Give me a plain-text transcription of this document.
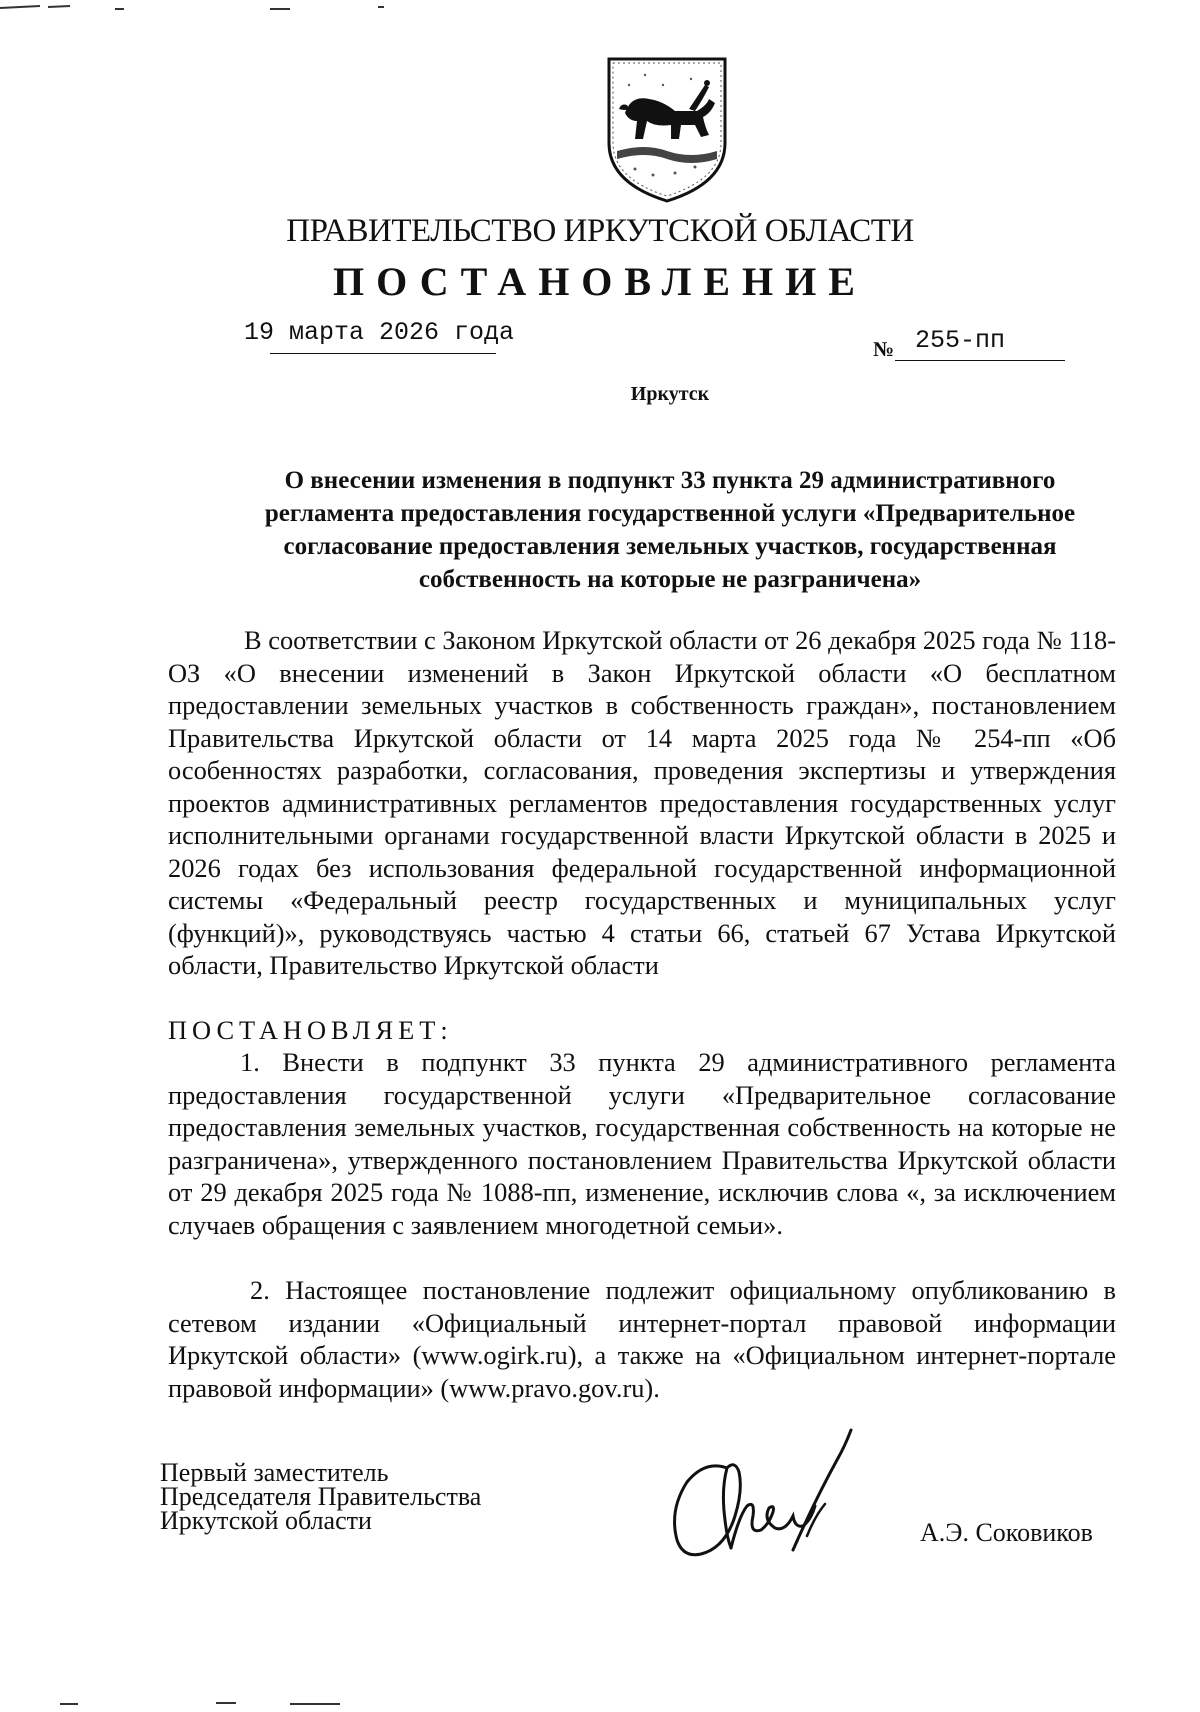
ПРАВИТЕЛЬСТВО ИРКУТСКОЙ ОБЛАСТИ
ПОСТАНОВЛЕНИЕ
19 марта 2026 года
№ 255-пп
Иркутск
О внесении изменения в подпункт 33 пункта 29 административного
регламента предоставления государственной услуги «Предварительное
согласование предоставления земельных участков, государственная
собственность на которые не разграничена»

В соответствии с Законом Иркутской области от 26 декабря 2025 года № 118-ОЗ «О внесении изменений в Закон Иркутской области «О бесплатном предоставлении земельных участков в собственность граждан», постановлением Правительства Иркутской области от 14 марта 2025 года № 254-пп «Об особенностях разработки, согласования, проведения экспертизы и утверждения проектов административных регламентов предоставления государственных услуг исполнительными органами государственной власти Иркутской области в 2025 и 2026 годах без использования федеральной государственной информационной системы «Федеральный реестр государственных и муниципальных услуг (функций)», руководствуясь частью 4 статьи 66, статьей 67 Устава Иркутской области, Правительство Иркутской области

ПОСТАНОВЛЯЕТ:

1. Внести в подпункт 33 пункта 29 административного регламента предоставления государственной услуги «Предварительное согласование предоставления земельных участков, государственная собственность на которые не разграничена», утвержденного постановлением Правительства Иркутской области от 29 декабря 2025 года № 1088-пп, изменение, исключив слова «, за исключением случаев обращения с заявлением многодетной семьи».

2. Настоящее постановление подлежит официальному опубликованию в сетевом издании «Официальный интернет-портал правовой информации Иркутской области» (www.ogirk.ru), а также на «Официальном интернет-портале правовой информации» (www.pravo.gov.ru).

Первый заместитель
Председателя Правительства
Иркутской области	А.Э. Соковиков
